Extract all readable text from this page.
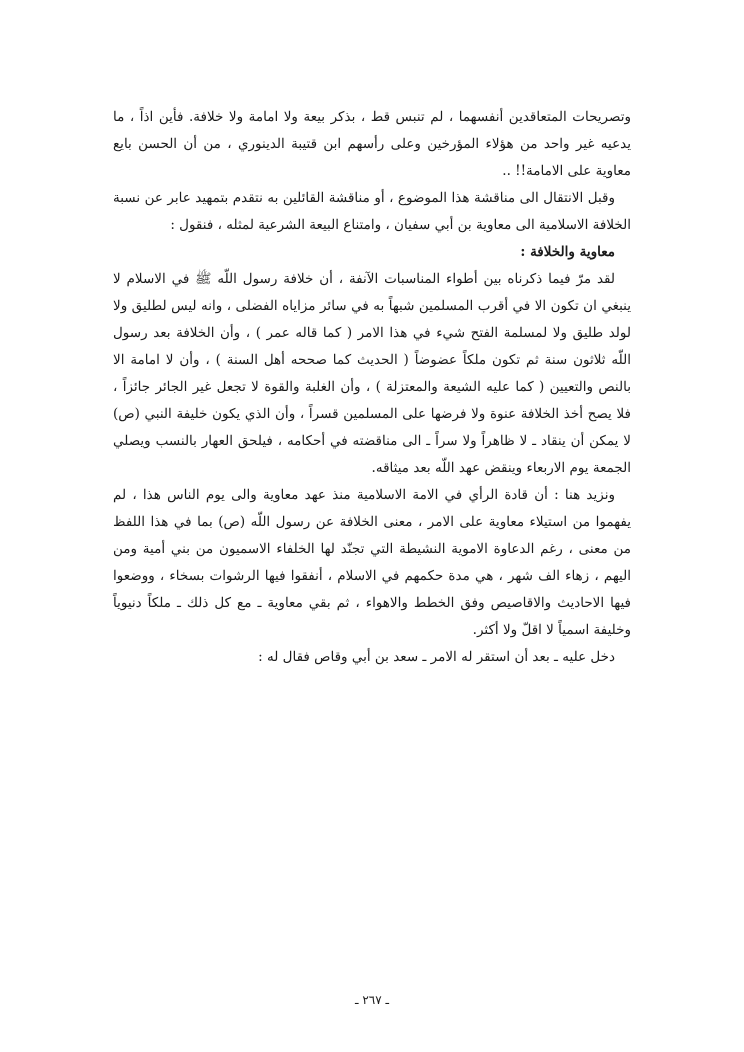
وتصريحات المتعاقدين أنفسهما ، لم تنبس قط ، بذكر بيعة ولا امامة ولا خلافة. فأين اذاً ، ما يدعيه غير واحد من هؤلاء المؤرخين وعلى رأسهم ابن قتيبة الدينوري ، من أن الحسن بايع معاوية على الامامة!! ..

وقبل الانتقال الى مناقشة هذا الموضوع ، أو مناقشة القائلين به نتقدم بتمهيد عابر عن نسبة الخلافة الاسلامية الى معاوية بن أبي سفيان ، وامتناع البيعة الشرعية لمثله ، فنقول :

معاوية والخلافة :

لقد مرّ فيما ذكرناه بين أطواء المناسبات الآنفة ، أن خلافة رسول اللّه ﷺ في الاسلام لا ينبغي ان تكون الا في أقرب المسلمين شبهاً به في سائر مزاياه الفضلى ، وانه ليس لطليق ولا لولد طليق ولا لمسلمة الفتح شيء في هذا الامر ( كما قاله عمر ) ، وأن الخلافة بعد رسول اللّه ثلاثون سنة ثم تكون ملكاً عضوضاً ( الحديث كما صححه أهل السنة ) ، وأن لا امامة الا بالنص والتعيين ( كما عليه الشيعة والمعتزلة ) ، وأن الغلبة والقوة لا تجعل غير الجائر جائزاً ، فلا يصح أخذ الخلافة عنوة ولا فرضها على المسلمين قسراً ، وأن الذي يكون خليفة النبي (ص) لا يمكن أن ينقاد ـ لا ظاهراً ولا سراً ـ الى مناقضته في أحكامه ، فيلحق العهار بالنسب ويصلي الجمعة يوم الاربعاء وينقض عهد اللّه بعد ميثاقه.

ونزيد هنا : أن قادة الرأي في الامة الاسلامية منذ عهد معاوية والى يوم الناس هذا ، لم يفهموا من استيلاء معاوية على الامر ، معنى الخلافة عن رسول اللّه (ص) بما في هذا اللفظ من معنى ، رغم الدعاوة الاموية النشيطة التي تجنّد لها الخلفاء الاسميون من بني أمية ومن اليهم ، زهاء الف شهر ، هي مدة حكمهم في الاسلام ، أنفقوا فيها الرشوات بسخاء ، ووضعوا فيها الاحاديث والاقاصيص وفق الخطط والاهواء ، ثم بقي معاوية ـ مع كل ذلك ـ ملكاً دنيوياً وخليفة اسمياً لا اقلّ ولا أكثر.

دخل عليه ـ بعد أن استقر له الامر ـ سعد بن أبي وقاص فقال له :

ـ ٢٦٧ ـ
